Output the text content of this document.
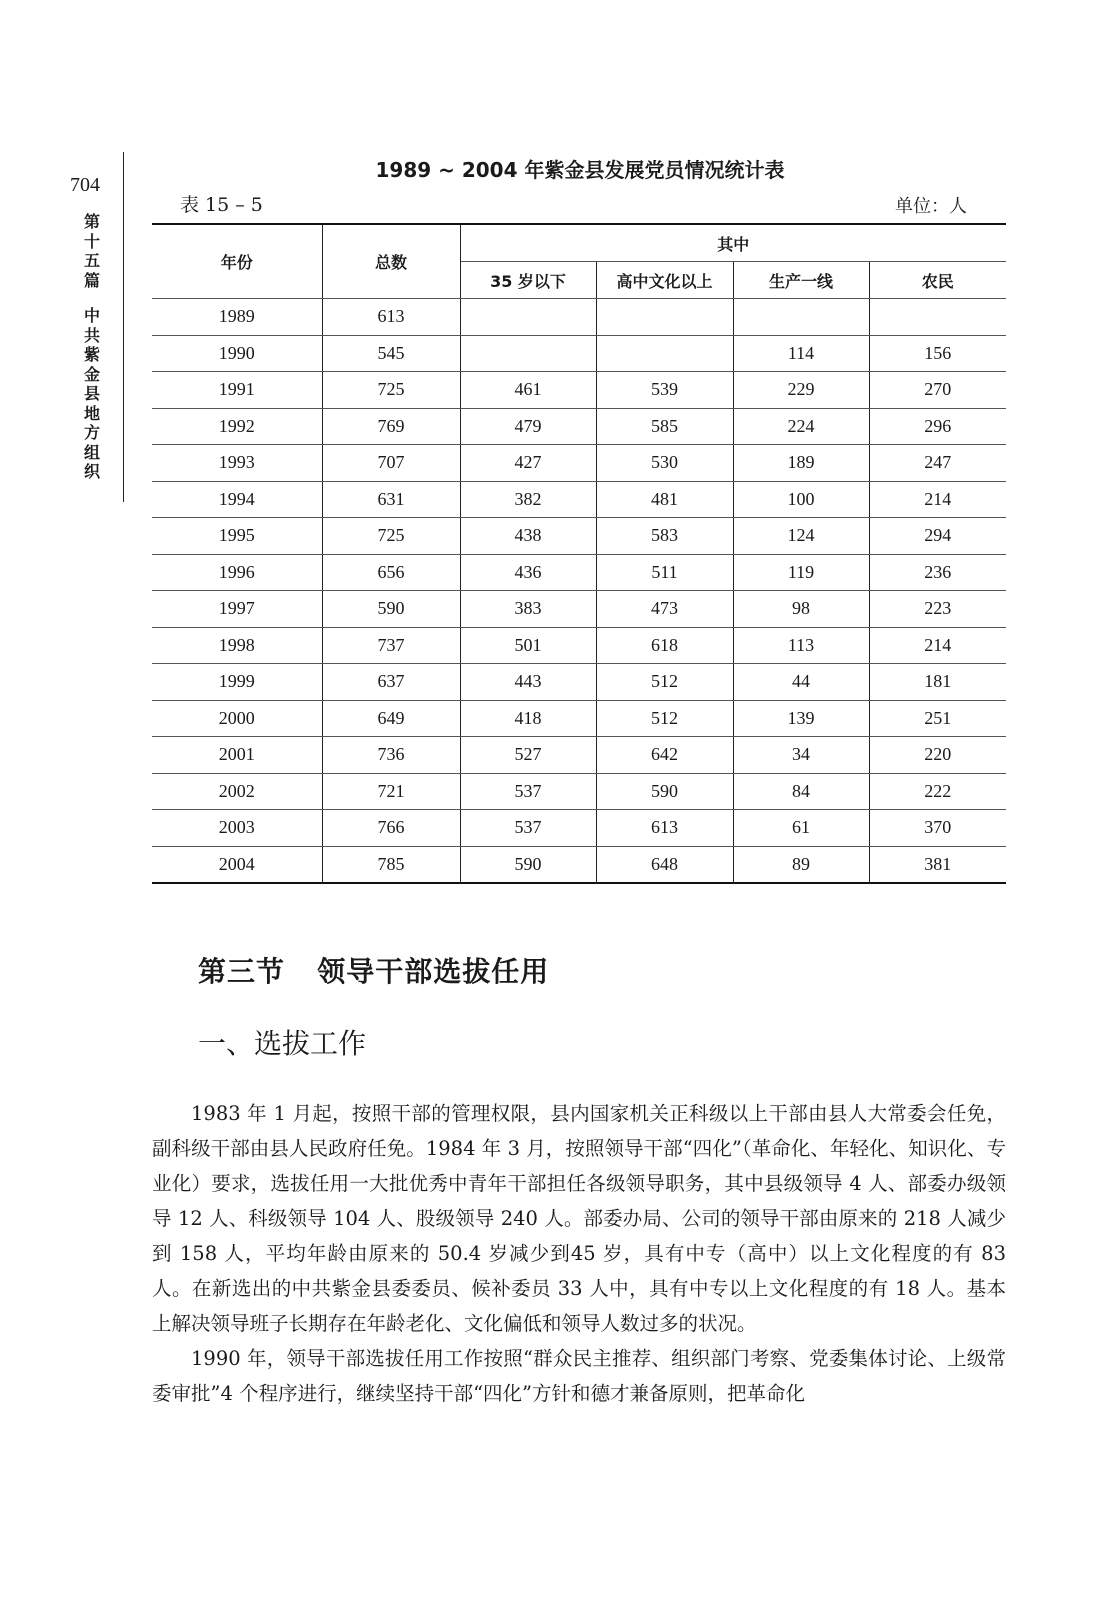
704
第
十
五
篇
中
共
紫
金
县
地
方
组
织
1989 ~ 2004 年紫金县发展党员情况统计表
表 15 – 5	单位：人
年份	总数	其中			
		35 岁以下	高中文化以上	生产一线	农民
1989	613				
1990	545			114	156
1991	725	461	539	229	270
1992	769	479	585	224	296
1993	707	427	530	189	247
1994	631	382	481	100	214
1995	725	438	583	124	294
1996	656	436	511	119	236
1997	590	383	473	98	223
1998	737	501	618	113	214
1999	637	443	512	44	181
2000	649	418	512	139	251
2001	736	527	642	34	220
2002	721	537	590	84	222
2003	766	537	613	61	370
2004	785	590	648	89	381
第三节   领导干部选拔任用
一、选拔工作

1983 年 1 月起，按照干部的管理权限，县内国家机关正科级以上干部由县人大常委会任免，副科级干部由县人民政府任免。1984 年 3 月，按照领导干部“四化”（革命化、年轻化、知识化、专业化）要求，选拔任用一大批优秀中青年干部担任各级领导职务，其中县级领导 4 人、部委办级领导 12 人、科级领导 104 人、股级领导 240 人。部委办局、公司的领导干部由原来的 218 人减少到 158 人，平均年龄由原来的 50.4 岁减少到45 岁，具有中专（高中）以上文化程度的有 83 人。在新选出的中共紫金县委委员、候补委员 33 人中，具有中专以上文化程度的有 18 人。基本上解决领导班子长期存在年龄老化、文化偏低和领导人数过多的状况。

1990 年，领导干部选拔任用工作按照“群众民主推荐、组织部门考察、党委集体讨论、上级常委审批”4 个程序进行，继续坚持干部“四化”方针和德才兼备原则，把革命化
